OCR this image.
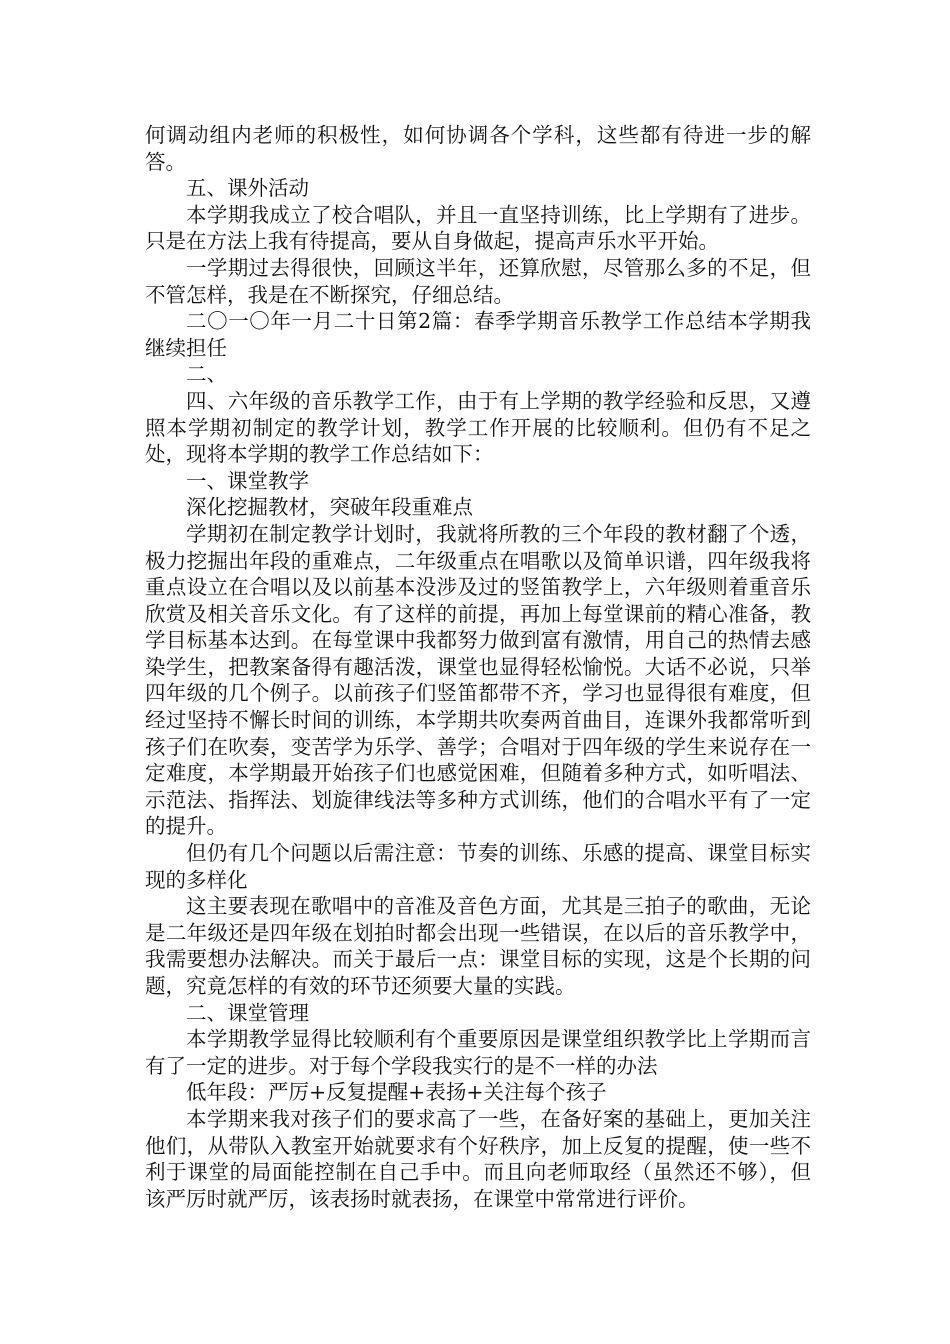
何调动组内老师的积极性，如何协调各个学科，这些都有待进一步的解答。

五、课外活动

本学期我成立了校合唱队，并且一直坚持训练，比上学期有了进步。只是在方法上我有待提高，要从自身做起，提高声乐水平开始。

一学期过去得很快，回顾这半年，还算欣慰，尽管那么多的不足，但不管怎样，我是在不断探究，仔细总结。

二〇一〇年一月二十日第2篇：春季学期音乐教学工作总结本学期我继续担任

二、

四、六年级的音乐教学工作，由于有上学期的教学经验和反思，又遵照本学期初制定的教学计划，教学工作开展的比较顺利。但仍有不足之处，现将本学期的教学工作总结如下：

一、课堂教学

深化挖掘教材，突破年段重难点

学期初在制定教学计划时，我就将所教的三个年段的教材翻了个透，极力挖掘出年段的重难点，二年级重点在唱歌以及简单识谱，四年级我将重点设立在合唱以及以前基本没涉及过的竖笛教学上，六年级则着重音乐欣赏及相关音乐文化。有了这样的前提，再加上每堂课前的精心准备，教学目标基本达到。在每堂课中我都努力做到富有激情，用自己的热情去感染学生，把教案备得有趣活泼，课堂也显得轻松愉悦。大话不必说，只举四年级的几个例子。以前孩子们竖笛都带不齐，学习也显得很有难度，但经过坚持不懈长时间的训练，本学期共吹奏两首曲目，连课外我都常听到孩子们在吹奏，变苦学为乐学、善学；合唱对于四年级的学生来说存在一定难度，本学期最开始孩子们也感觉困难，但随着多种方式，如听唱法、示范法、指挥法、划旋律线法等多种方式训练，他们的合唱水平有了一定的提升。

但仍有几个问题以后需注意：节奏的训练、乐感的提高、课堂目标实现的多样化

这主要表现在歌唱中的音准及音色方面，尤其是三拍子的歌曲，无论是二年级还是四年级在划拍时都会出现一些错误，在以后的音乐教学中，我需要想办法解决。而关于最后一点：课堂目标的实现，这是个长期的问题，究竟怎样的有效的环节还须要大量的实践。

二、课堂管理

本学期教学显得比较顺利有个重要原因是课堂组织教学比上学期而言有了一定的进步。对于每个学段我实行的是不一样的办法

低年段：严厉+反复提醒+表扬+关注每个孩子

本学期来我对孩子们的要求高了一些，在备好案的基础上，更加关注他们，从带队入教室开始就要求有个好秩序，加上反复的提醒，使一些不利于课堂的局面能控制在自己手中。而且向老师取经（虽然还不够），但该严厉时就严厉，该表扬时就表扬，在课堂中常常进行评价。
